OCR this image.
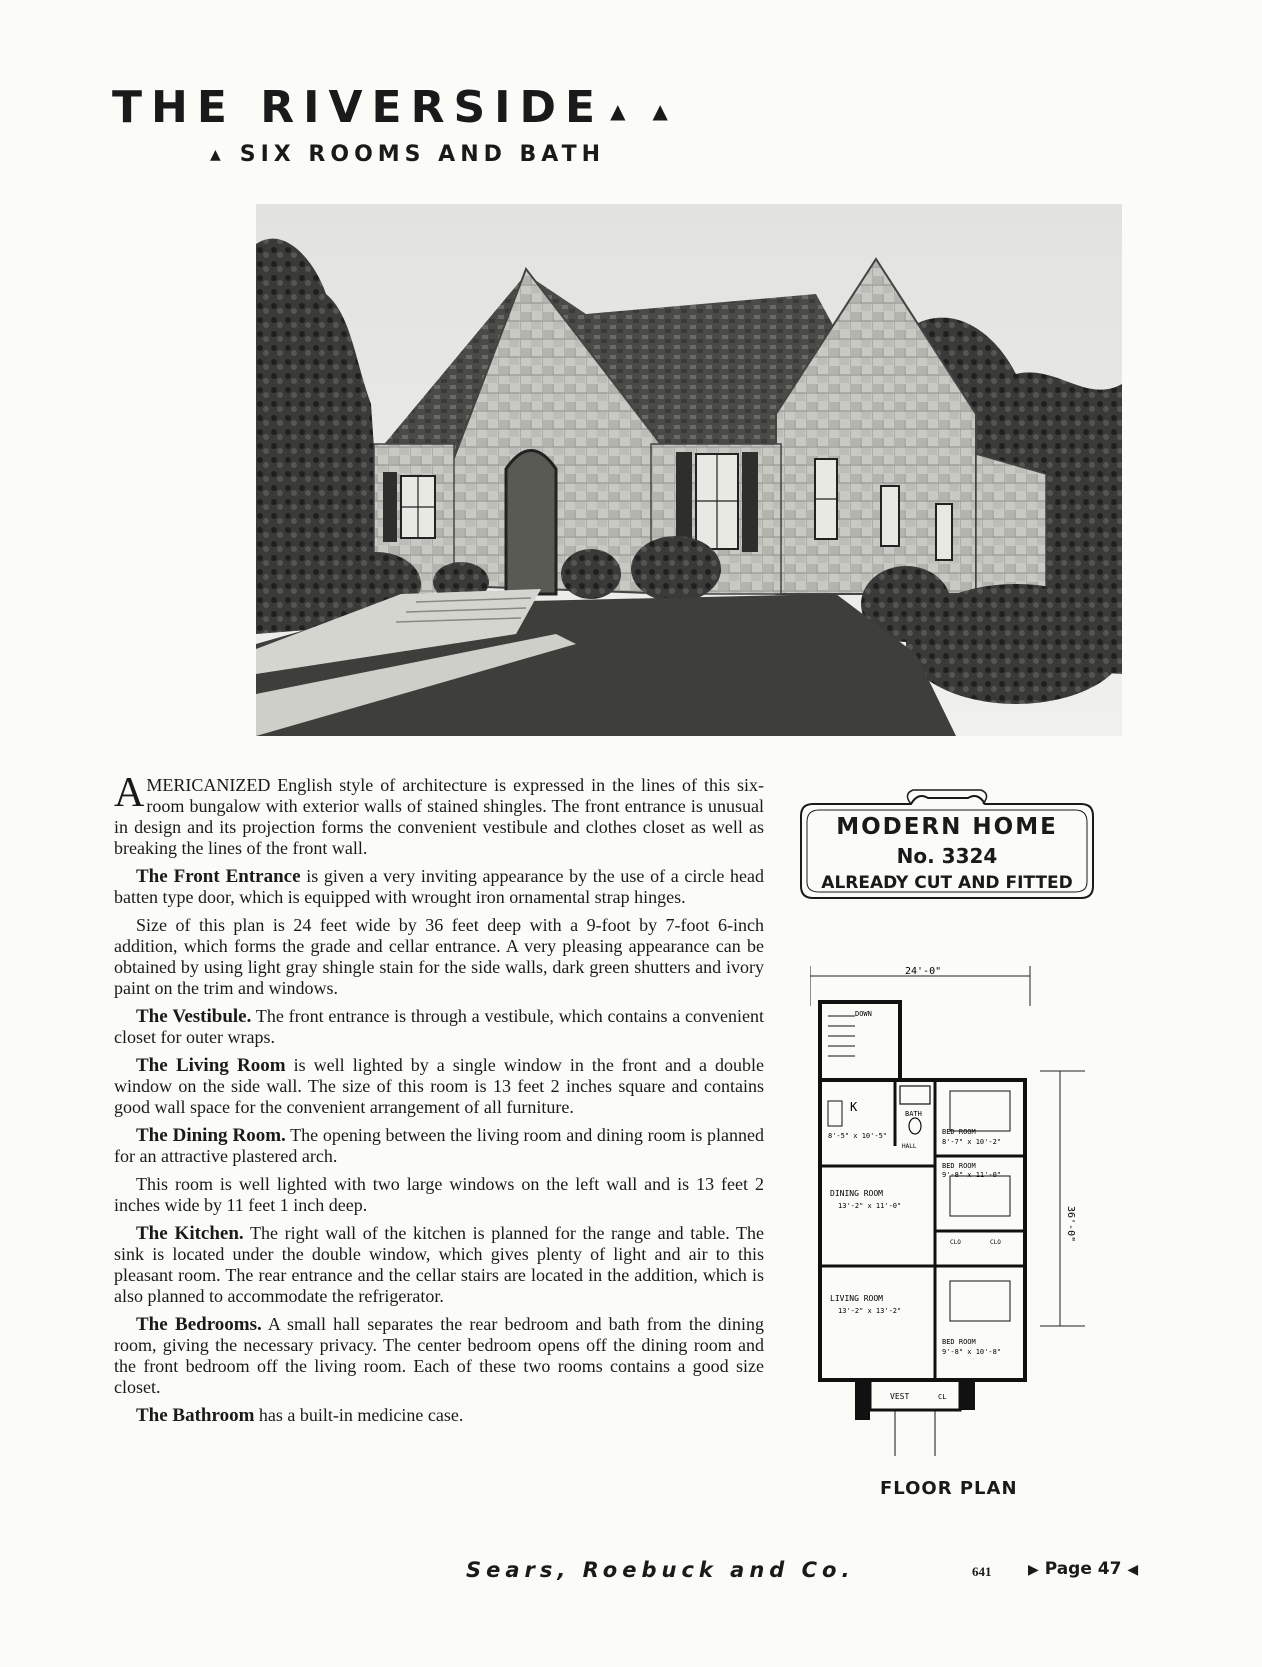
THE RIVERSIDE ▲ ▲
▲ SIX ROOMS AND BATH

AMERICANIZED English style of architecture is expressed in the lines of this six-room bungalow with exterior walls of stained shingles. The front entrance is unusual in design and its projection forms the convenient vestibule and clothes closet as well as breaking the lines of the front wall.

The Front Entrance is given a very inviting appearance by the use of a circle head batten type door, which is equipped with wrought iron ornamental strap hinges.

Size of this plan is 24 feet wide by 36 feet deep with a 9-foot by 7-foot 6-inch addition, which forms the grade and cellar entrance. A very pleasing appearance can be obtained by using light gray shingle stain for the side walls, dark green shutters and ivory paint on the trim and windows.

The Vestibule. The front entrance is through a vestibule, which contains a convenient closet for outer wraps.

The Living Room is well lighted by a single window in the front and a double window on the side wall. The size of this room is 13 feet 2 inches square and contains good wall space for the convenient arrangement of all furniture.

The Dining Room. The opening between the living room and dining room is planned for an attractive plastered arch.

This room is well lighted with two large windows on the left wall and is 13 feet 2 inches wide by 11 feet 1 inch deep.

The Kitchen. The right wall of the kitchen is planned for the range and table. The sink is located under the double window, which gives plenty of light and air to this pleasant room. The rear entrance and the cellar stairs are located in the addition, which is also planned to accommodate the refrigerator.

The Bedrooms. A small hall separates the rear bedroom and bath from the dining room, giving the necessary privacy. The center bedroom opens off the dining room and the front bedroom off the living room. Each of these two rooms contains a good size closet.

The Bathroom has a built-in medicine case.

MODERN HOME
No. 3324
ALREADY CUT AND FITTED
24'-0"
36'-0"
DOWN
K
8'-5" x 10'-5"
BATH
HALL
BED ROOM
8'-7" x 10'-2"
BED ROOM
9'-8" x 11'-0"
DINING ROOM
13'-2" x 11'-0"
CLO	CLO
LIVING ROOM
13'-2" x 13'-2"
BED ROOM
9'-8" x 10'-8"
VEST	CL
FLOOR PLAN
Sears, Roebuck and Co.	641	▶ Page 47 ◀
